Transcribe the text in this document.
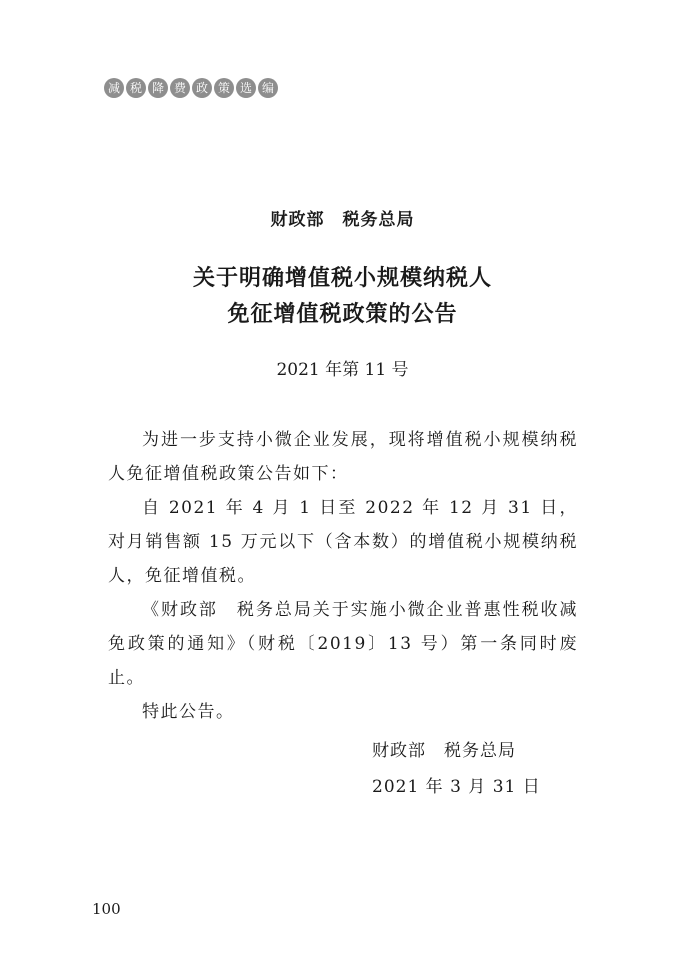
减 税 降 费 政 策 选 编
财政部　税务总局
关于明确增值税小规模纳税人
免征增值税政策的公告
2021 年第 11 号

为进一步支持小微企业发展，现将增值税小规模纳税人免征增值税政策公告如下：

自 2021 年 4 月 1 日至 2022 年 12 月 31 日，对月销售额 15 万元以下（含本数）的增值税小规模纳税人，免征增值税。

《财政部　税务总局关于实施小微企业普惠性税收减免政策的通知》（财税〔2019〕13 号）第一条同时废止。

特此公告。

财政部　税务总局
2021 年 3 月 31 日
100
